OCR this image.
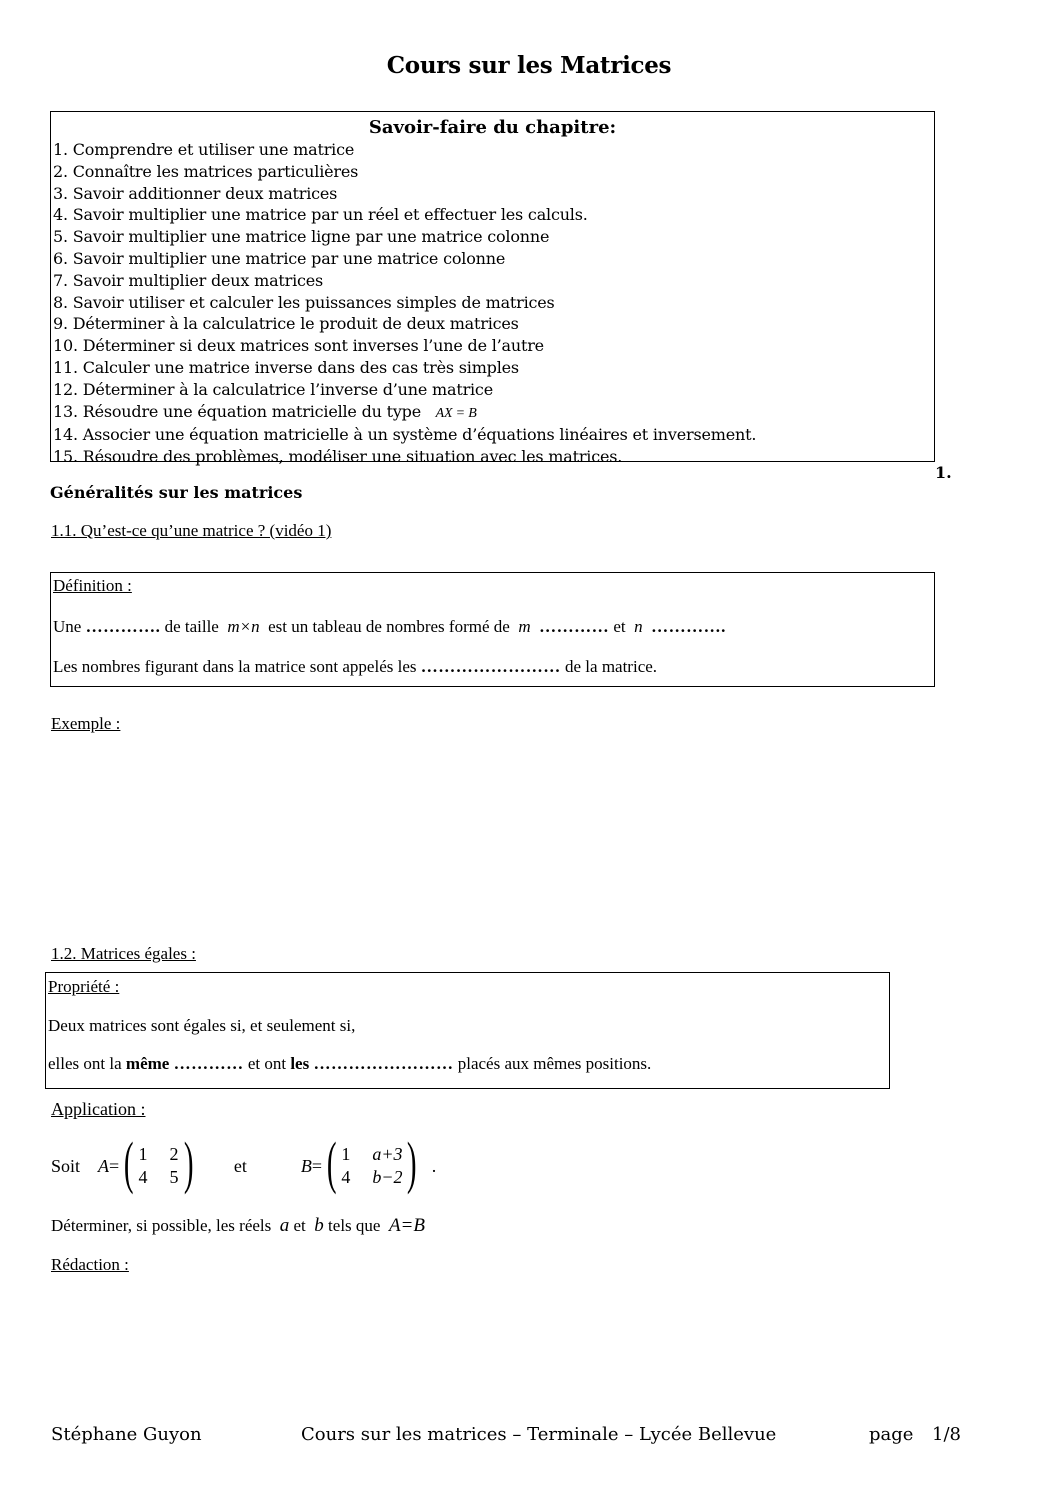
Cours sur les Matrices
Savoir-faire du chapitre:
1. Comprendre et utiliser une matrice
2. Connaître les matrices particulières
3. Savoir additionner deux matrices
4. Savoir multiplier une matrice par un réel et effectuer les calculs.
5. Savoir multiplier une matrice ligne par une matrice colonne
6. Savoir multiplier une matrice par une matrice colonne
7. Savoir multiplier deux matrices
8. Savoir utiliser et calculer les puissances simples de matrices
9. Déterminer à la calculatrice le produit de deux matrices
10. Déterminer si deux matrices sont inverses l’une de l’autre
11. Calculer une matrice inverse dans des cas très simples
12. Déterminer à la calculatrice l’inverse d’une matrice
13. Résoudre une équation matricielle du type AX = B
14. Associer une équation matricielle à un système d’équations linéaires et inversement.
15. Résoudre des problèmes, modéliser une situation avec les matrices.
1.
Généralités sur les matrices
1.1. Qu’est-ce qu’une matrice ? (vidéo 1)
Définition :
Une …………. de taille m×n est un tableau de nombres formé de m ………… et n ………….
Les nombres figurant dans la matrice sont appelés les …………………… de la matrice.
Exemple :
1.2. Matrices égales :
Propriété :
Deux matrices sont égales si, et seulement si,
elles ont la même ………… et ont les …………………… placés aux mêmes positions.
Application :
Soit A = ( 1 2
4 5 ) et	B = ( 1 a+3
4 b−2 ) .
Déterminer, si possible, les réels a et b tels que A=B
Rédaction :
Stéphane Guyon	Cours sur les matrices – Terminale – Lycée Bellevue	page 1/8
